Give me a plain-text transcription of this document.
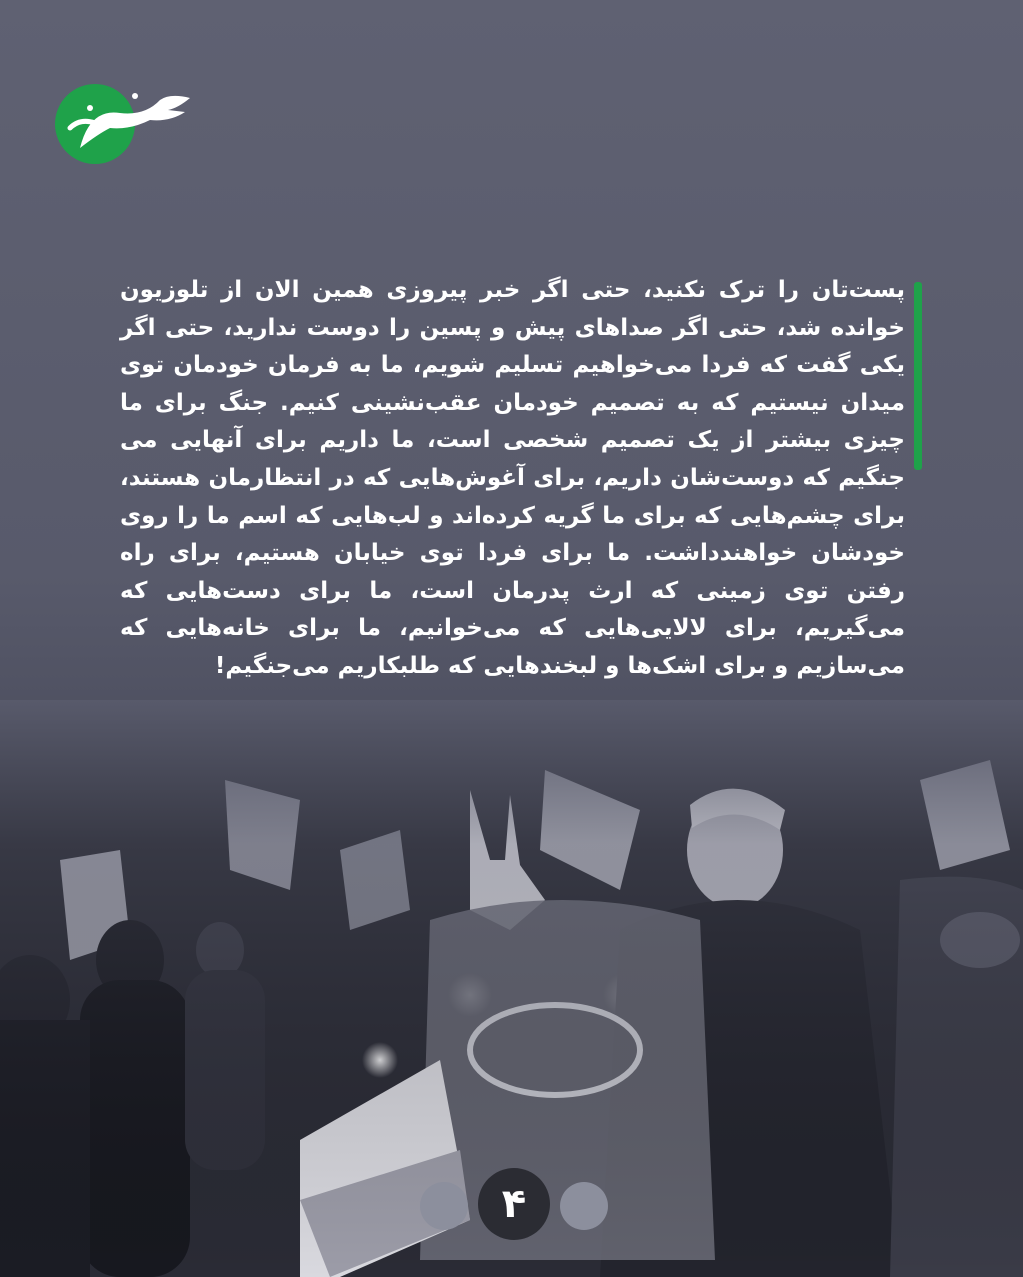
پست‌تان را ترک نکنید، حتی اگر خبر پیروزی همین الان از تلوزیون خوانده شد، حتی اگر صداهای پیش و پسین را دوست ندارید، حتی اگر یکی گفت که فردا می‌خواهیم تسلیم شویم، ما به فرمان خودمان توی میدان نیستیم که به تصمیم خودمان عقب‌نشینی کنیم. جنگ برای ما چیزی بیشتر از یک تصمیم شخصی است، ما داریم برای آنهایی می جنگیم که دوست‌شان داریم، برای آغوش‌هایی که در انتظارمان هستند، برای چشم‌هایی که برای ما گریه کرده‌اند و لب‌هایی که اسم ما را روی خودشان خواهندداشت. ما برای فردا توی خیابان هستیم، برای راه رفتن توی زمینی که ارث پدرمان است، ما برای دست‌هایی که می‌گیریم، برای لالایی‌هایی که می‌خوانیم، ما برای خانه‌هایی که می‌سازیم و برای اشک‌ها و لبخندهایی که طلبکاریم می‌جنگیم!

۴
